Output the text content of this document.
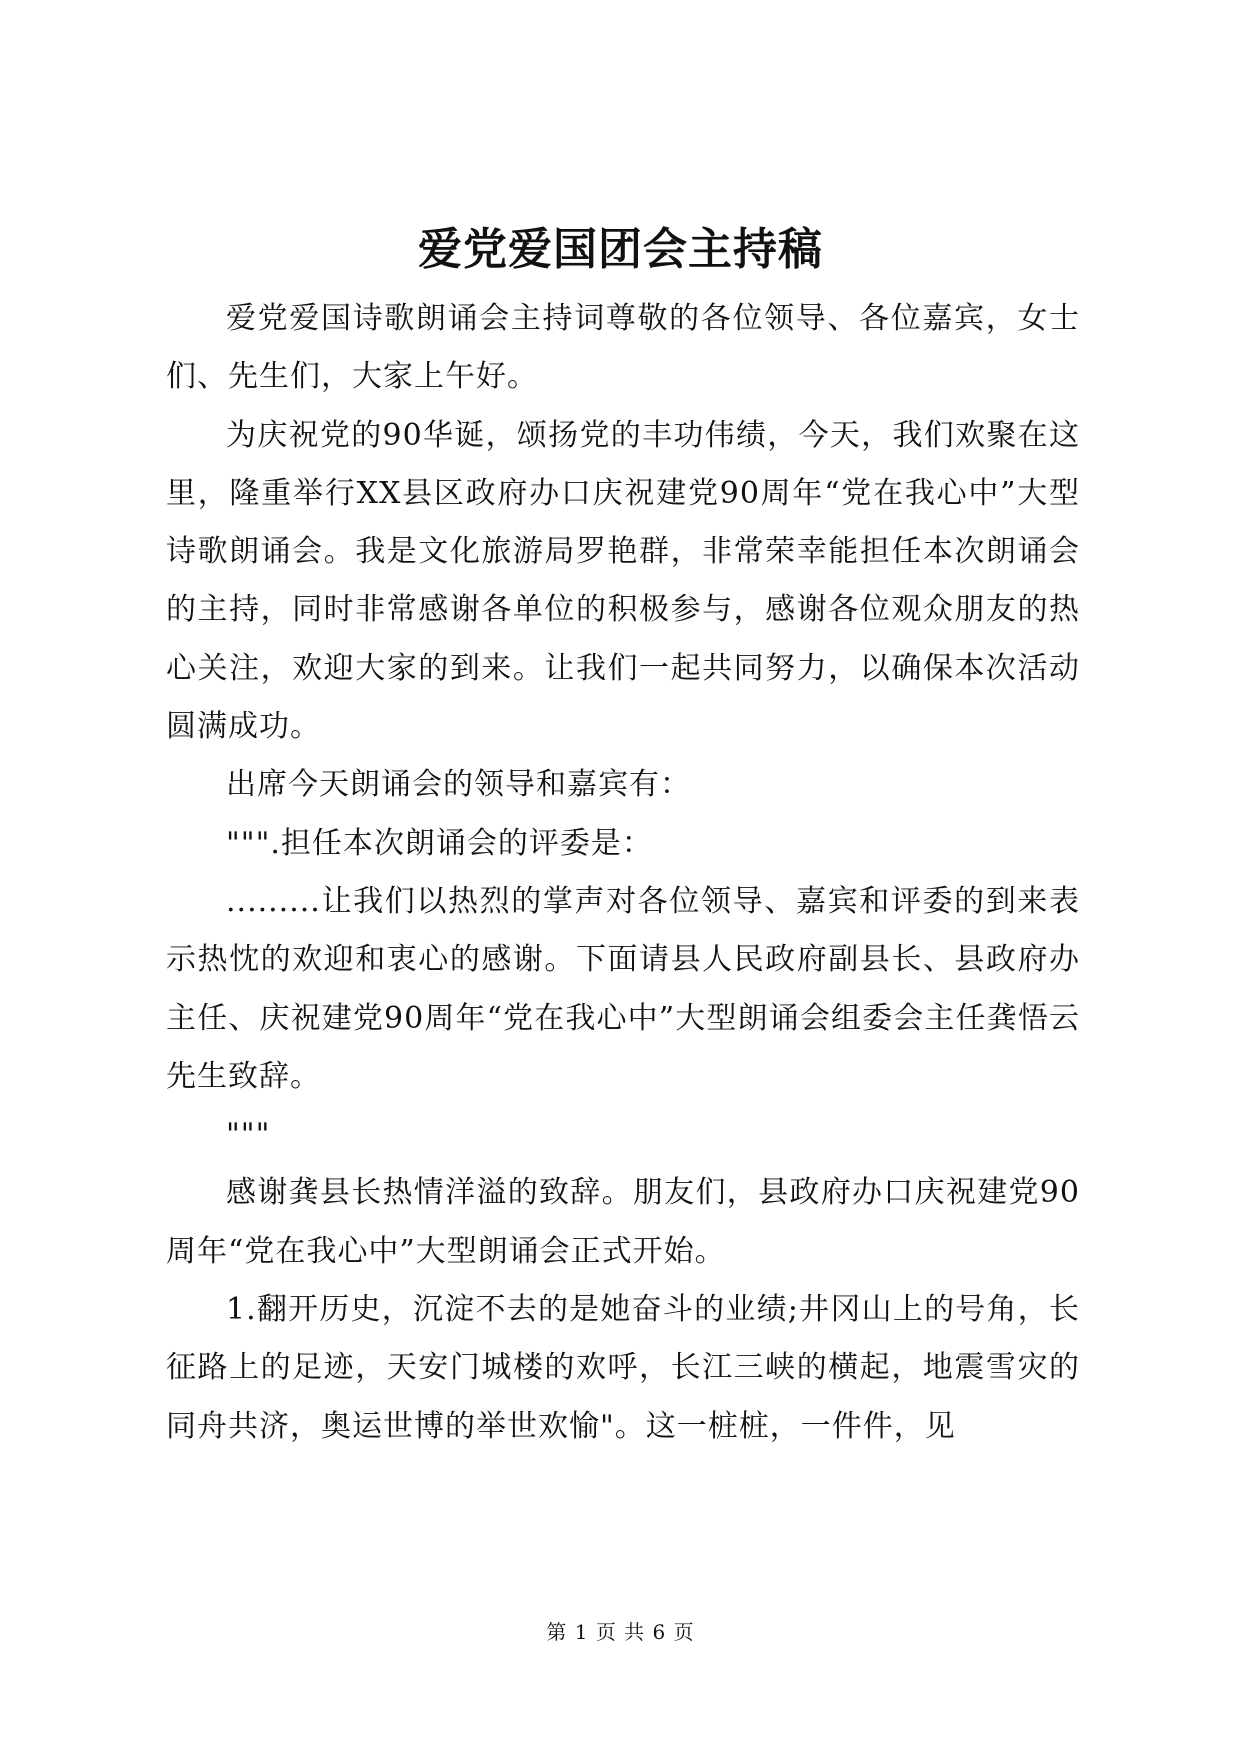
爱党爱国团会主持稿

爱党爱国诗歌朗诵会主持词尊敬的各位领导、各位嘉宾，女士们、先生们，大家上午好。

为庆祝党的90华诞，颂扬党的丰功伟绩，今天，我们欢聚在这里，隆重举行XX县区政府办口庆祝建党90周年“党在我心中”大型诗歌朗诵会。我是文化旅游局罗艳群，非常荣幸能担任本次朗诵会的主持，同时非常感谢各单位的积极参与，感谢各位观众朋友的热心关注，欢迎大家的到来。让我们一起共同努力，以确保本次活动圆满成功。

出席今天朗诵会的领导和嘉宾有：

""".担任本次朗诵会的评委是：

.........让我们以热烈的掌声对各位领导、嘉宾和评委的到来表示热忱的欢迎和衷心的感谢。下面请县人民政府副县长、县政府办主任、庆祝建党90周年“党在我心中”大型朗诵会组委会主任龚悟云先生致辞。

"""

感谢龚县长热情洋溢的致辞。朋友们，县政府办口庆祝建党90周年“党在我心中”大型朗诵会正式开始。

1.翻开历史，沉淀不去的是她奋斗的业绩;井冈山上的号角，长征路上的足迹，天安门城楼的欢呼，长江三峡的横起，地震雪灾的同舟共济，奥运世博的举世欢愉"。这一桩桩，一件件，见

第 1 页 共 6 页
